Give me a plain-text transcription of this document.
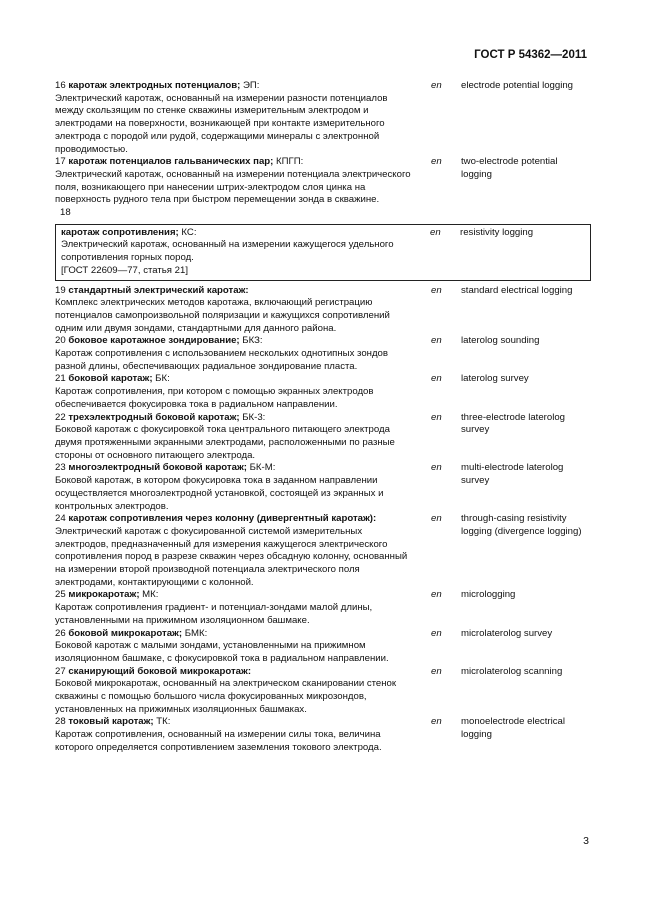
ГОСТ Р 54362—2011

16 каротаж электродных потенциалов; ЭП:

Электрический каротаж, основанный на измерении разности потенциалов между скользящим по стенке скважины измерительным электродом и электродами на поверхности, возникающей при контакте измерительного электрода с породой или рудой, содержащими минералы с электронной проводимостью.

en	electrode potential logging

17 каротаж потенциалов гальванических пар; КПГП:

Электрический каротаж, основанный на измерении потенциала электрического поля, возникающего при нанесении штрих-электродом слоя цинка на поверхность рудного тела при быстром перемещении зонда в скважине.

en	two-electrode potential logging
18

каротаж сопротивления; КС:

Электрический каротаж, основанный на измерении кажущегося удельного сопротивления горных пород.

[ГОСТ 22609—77, статья 21]

en	resistivity logging

19 стандартный электрический каротаж:

Комплекс электрических методов каротажа, включающий регистрацию потенциалов самопроизвольной поляризации и кажущихся сопротивлений одним или двумя зондами, стандартными для данного района.

en	standard electrical logging

20 боковое каротажное зондирование; БКЗ:

Каротаж сопротивления с использованием нескольких однотипных зондов разной длины, обеспечивающих радиальное зондирование пласта.

en	laterolog sounding

21 боковой каротаж; БК:

Каротаж сопротивления, при котором с помощью экранных электродов обеспечивается фокусировка тока в радиальном направлении.

en	laterolog survey

22 трехэлектродный боковой каротаж; БК-3:

Боковой каротаж с фокусировкой тока центрального питающего электрода двумя протяженными экранными электродами, расположенными по разные стороны от основного питающего электрода.

en	three-electrode laterolog survey

23 многоэлектродный боковой каротаж; БК-М:

Боковой каротаж, в котором фокусировка тока в заданном направлении осуществляется многоэлектродной установкой, состоящей из экранных и контрольных электродов.

en	multi-electrode laterolog survey

24 каротаж сопротивления через колонну (дивергентный каротаж):

Электрический каротаж с фокусированной системой измерительных электродов, предназначенный для измерения кажущегося электрического сопротивления пород в разрезе скважин через обсадную колонну, основанный на измерении второй производной потенциала электрического поля электродами, контактирующими с колонной.

en	through-casing resistivity logging (divergence logging)

25 микрокаротаж; МК:

Каротаж сопротивления градиент- и потенциал-зондами малой длины, установленными на прижимном изоляционном башмаке.

en	micrologging

26 боковой микрокаротаж; БМК:

Боковой каротаж с малыми зондами, установленными на прижимном изоляционном башмаке, с фокусировкой тока в радиальном направлении.

en	microlaterolog survey

27 сканирующий боковой микрокаротаж:

Боковой микрокаротаж, основанный на электрическом сканировании стенок скважины с помощью большого числа фокусированных микрозондов, установленных на прижимных изоляционных башмаках.

en	microlaterolog scanning

28 токовый каротаж; ТК:

Каротаж сопротивления, основанный на измерении силы тока, величина которого определяется сопротивлением заземления токового электрода.

en	monoelectrode electrical logging
3
